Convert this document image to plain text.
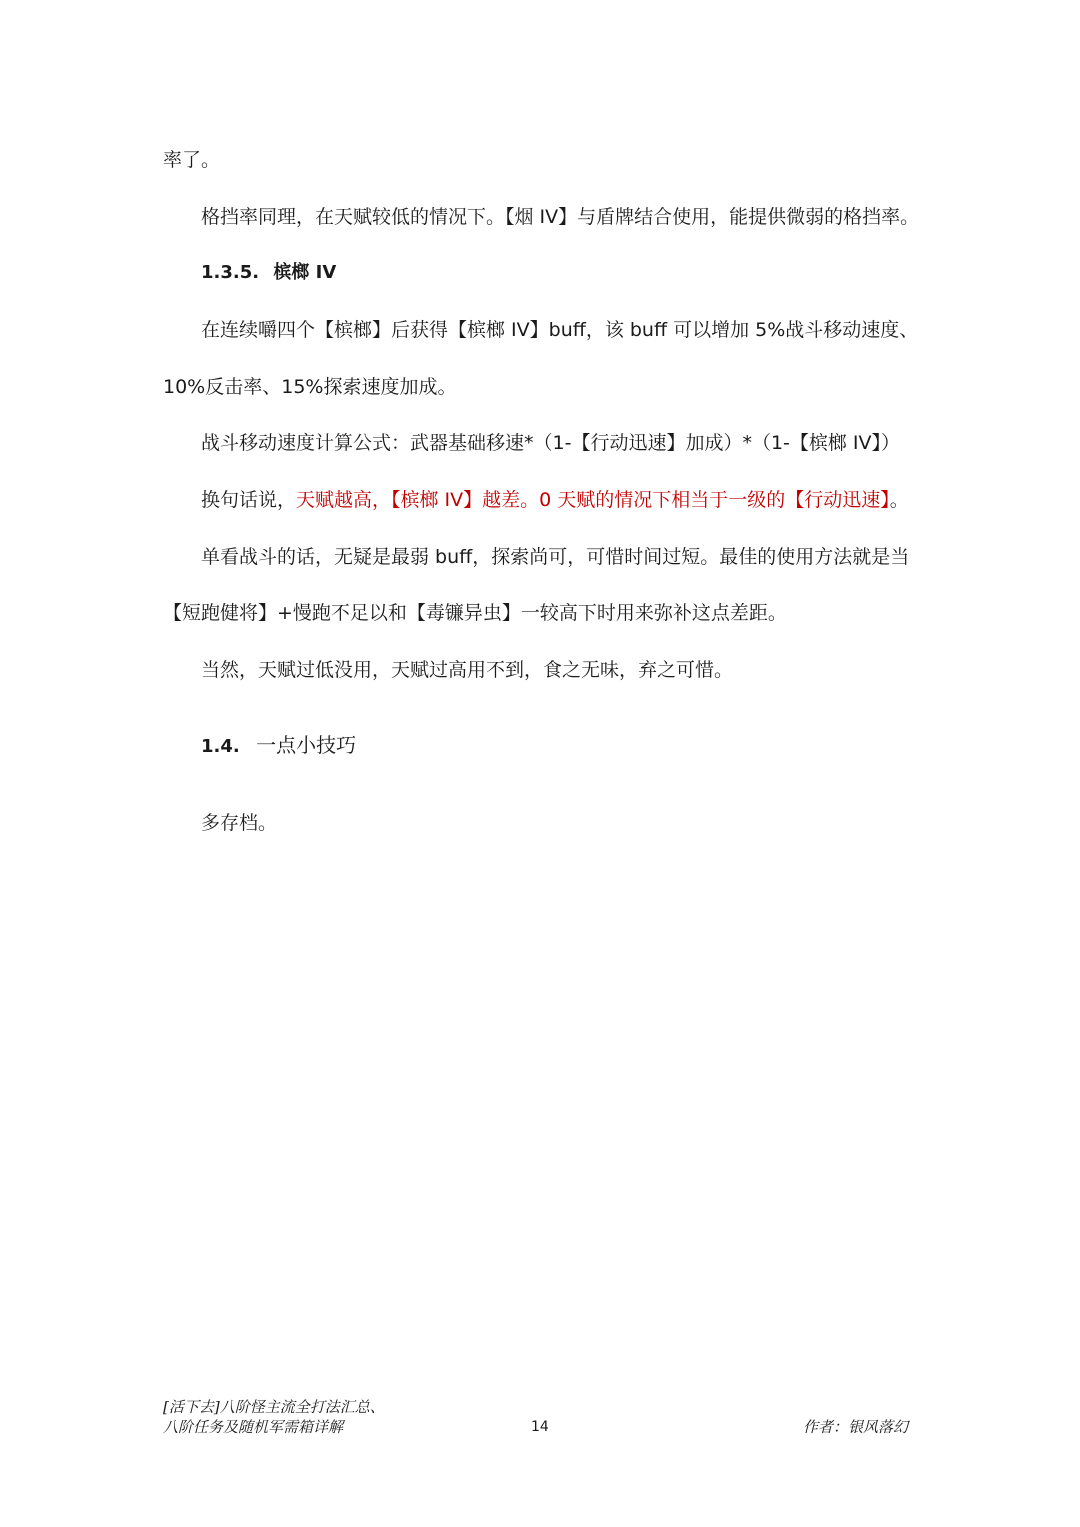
率了。
格挡率同理，在天赋较低的情况下。【烟 IV】与盾牌结合使用，能提供微弱的格挡率。
1.3.5. 槟榔 IV
在连续嚼四个【槟榔】后获得【槟榔 IV】buff，该 buff 可以增加 5%战斗移动速度、
10%反击率、15%探索速度加成。
战斗移动速度计算公式：武器基础移速*（1-【行动迅速】加成）*（1-【槟榔 IV】）
换句话说，天赋越高，【槟榔 IV】越差。0 天赋的情况下相当于一级的【行动迅速】。
单看战斗的话，无疑是最弱 buff，探索尚可，可惜时间过短。最佳的使用方法就是当
【短跑健将】+慢跑不足以和【毒镰异虫】一较高下时用来弥补这点差距。
当然，天赋过低没用，天赋过高用不到，食之无味，弃之可惜。
1.4. 一点小技巧
多存档。
[活下去]八阶怪主流全打法汇总、
八阶任务及随机军需箱详解	14	作者：银风落幻
